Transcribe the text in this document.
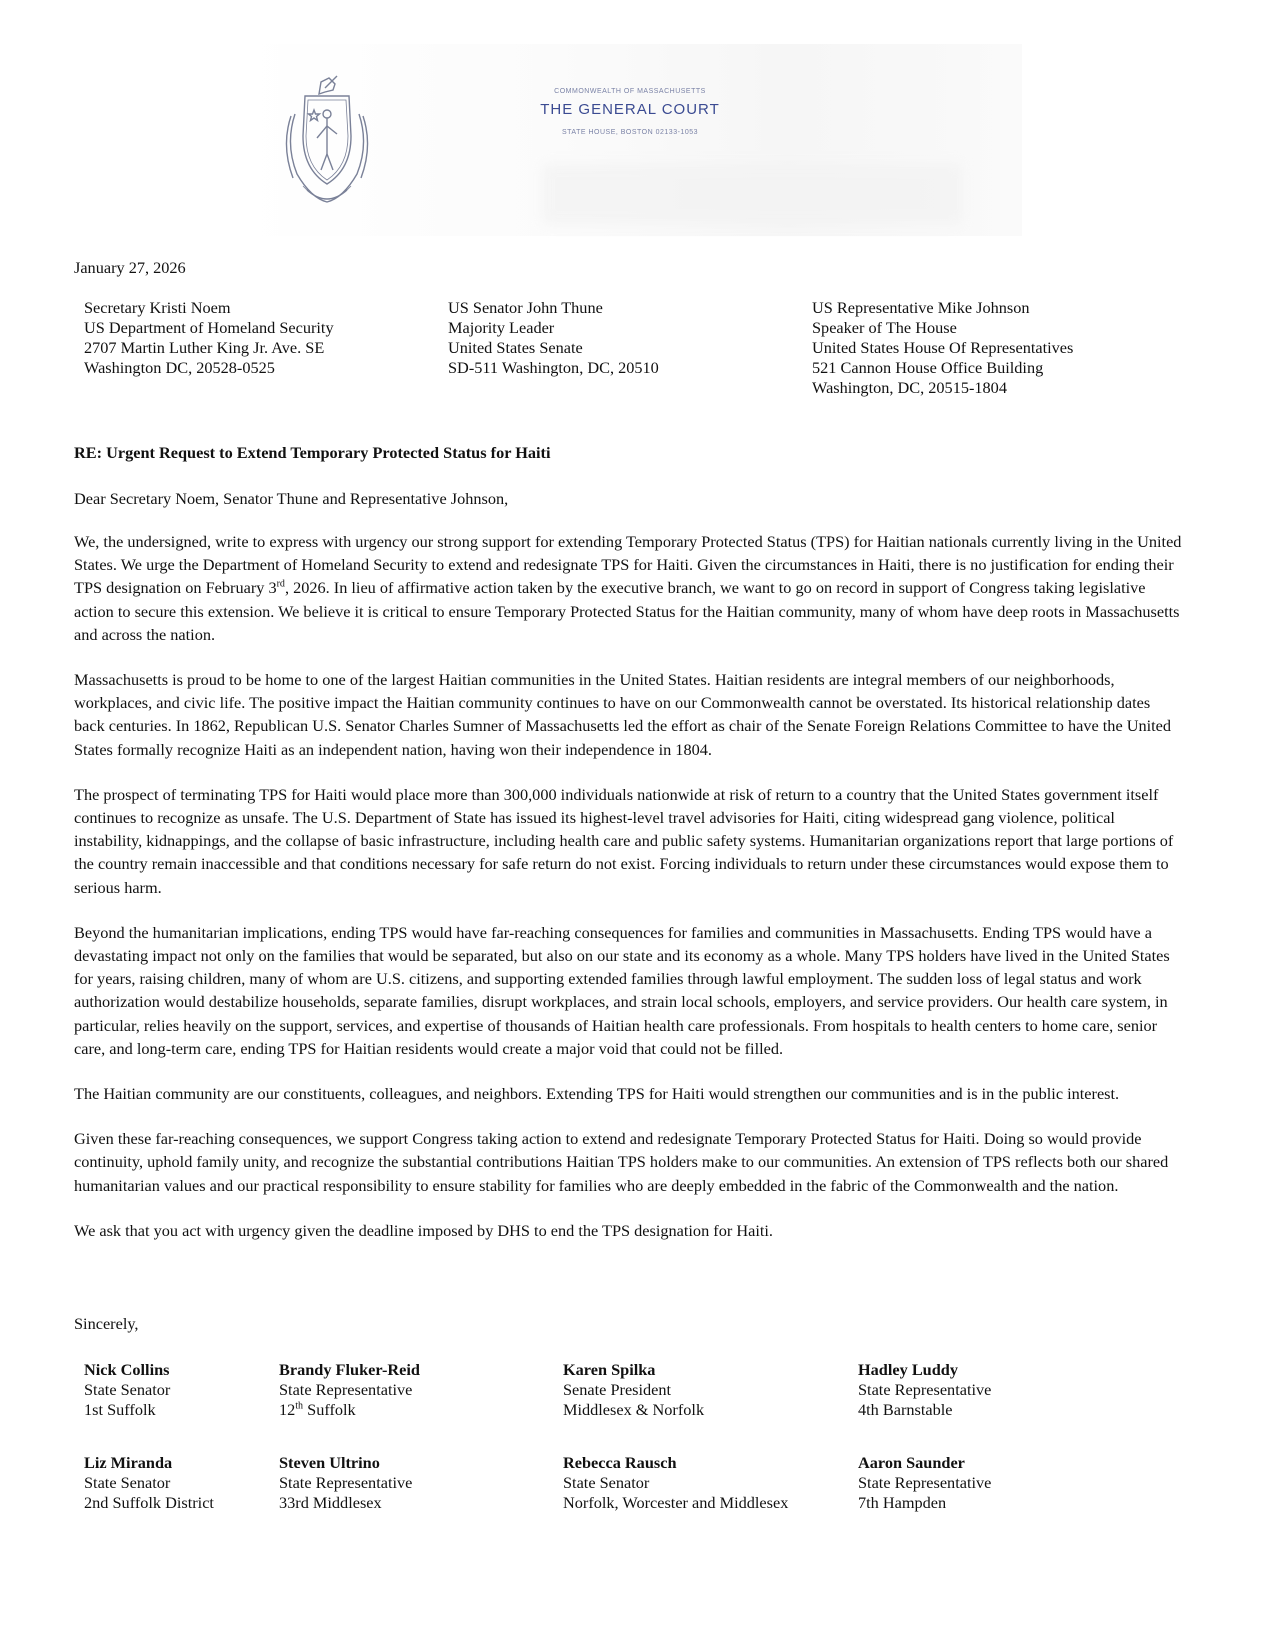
COMMONWEALTH OF MASSACHUSETTS
THE GENERAL COURT
STATE HOUSE, BOSTON 02133-1053
January 27, 2026
Secretary Kristi Noem
US Department of Homeland Security
2707 Martin Luther King Jr. Ave. SE
Washington DC, 20528-0525
US Senator John Thune
Majority Leader
United States Senate
SD-511 Washington, DC, 20510
US Representative Mike Johnson
Speaker of The House
United States House Of Representatives
521 Cannon House Office Building
Washington, DC, 20515-1804
RE: Urgent Request to Extend Temporary Protected Status for Haiti
Dear Secretary Noem, Senator Thune and Representative Johnson,

We, the undersigned, write to express with urgency our strong support for extending Temporary Protected Status (TPS) for Haitian nationals currently living in the United States. We urge the Department of Homeland Security to extend and redesignate TPS for Haiti. Given the circumstances in Haiti, there is no justification for ending their TPS designation on February 3rd, 2026. In lieu of affirmative action taken by the executive branch, we want to go on record in support of Congress taking legislative action to secure this extension. We believe it is critical to ensure Temporary Protected Status for the Haitian community, many of whom have deep roots in Massachusetts and across the nation.

Massachusetts is proud to be home to one of the largest Haitian communities in the United States. Haitian residents are integral members of our neighborhoods, workplaces, and civic life. The positive impact the Haitian community continues to have on our Commonwealth cannot be overstated. Its historical relationship dates back centuries. In 1862, Republican U.S. Senator Charles Sumner of Massachusetts led the effort as chair of the Senate Foreign Relations Committee to have the United States formally recognize Haiti as an independent nation, having won their independence in 1804.

The prospect of terminating TPS for Haiti would place more than 300,000 individuals nationwide at risk of return to a country that the United States government itself continues to recognize as unsafe. The U.S. Department of State has issued its highest-level travel advisories for Haiti, citing widespread gang violence, political instability, kidnappings, and the collapse of basic infrastructure, including health care and public safety systems. Humanitarian organizations report that large portions of the country remain inaccessible and that conditions necessary for safe return do not exist. Forcing individuals to return under these circumstances would expose them to serious harm.

Beyond the humanitarian implications, ending TPS would have far-reaching consequences for families and communities in Massachusetts. Ending TPS would have a devastating impact not only on the families that would be separated, but also on our state and its economy as a whole. Many TPS holders have lived in the United States for years, raising children, many of whom are U.S. citizens, and supporting extended families through lawful employment. The sudden loss of legal status and work authorization would destabilize households, separate families, disrupt workplaces, and strain local schools, employers, and service providers. Our health care system, in particular, relies heavily on the support, services, and expertise of thousands of Haitian health care professionals. From hospitals to health centers to home care, senior care, and long-term care, ending TPS for Haitian residents would create a major void that could not be filled.

The Haitian community are our constituents, colleagues, and neighbors. Extending TPS for Haiti would strengthen our communities and is in the public interest.

Given these far-reaching consequences, we support Congress taking action to extend and redesignate Temporary Protected Status for Haiti. Doing so would provide continuity, uphold family unity, and recognize the substantial contributions Haitian TPS holders make to our communities. An extension of TPS reflects both our shared humanitarian values and our practical responsibility to ensure stability for families who are deeply embedded in the fabric of the Commonwealth and the nation.

We ask that you act with urgency given the deadline imposed by DHS to end the TPS designation for Haiti.

Sincerely,
Nick Collins
State Senator
1st Suffolk
Brandy Fluker-Reid
State Representative
12th Suffolk
Karen Spilka
Senate President
Middlesex & Norfolk
Hadley Luddy
State Representative
4th Barnstable
Liz Miranda
State Senator
2nd Suffolk District
Steven Ultrino
State Representative
33rd Middlesex
Rebecca Rausch
State Senator
Norfolk, Worcester and Middlesex
Aaron Saunder
State Representative
7th Hampden
